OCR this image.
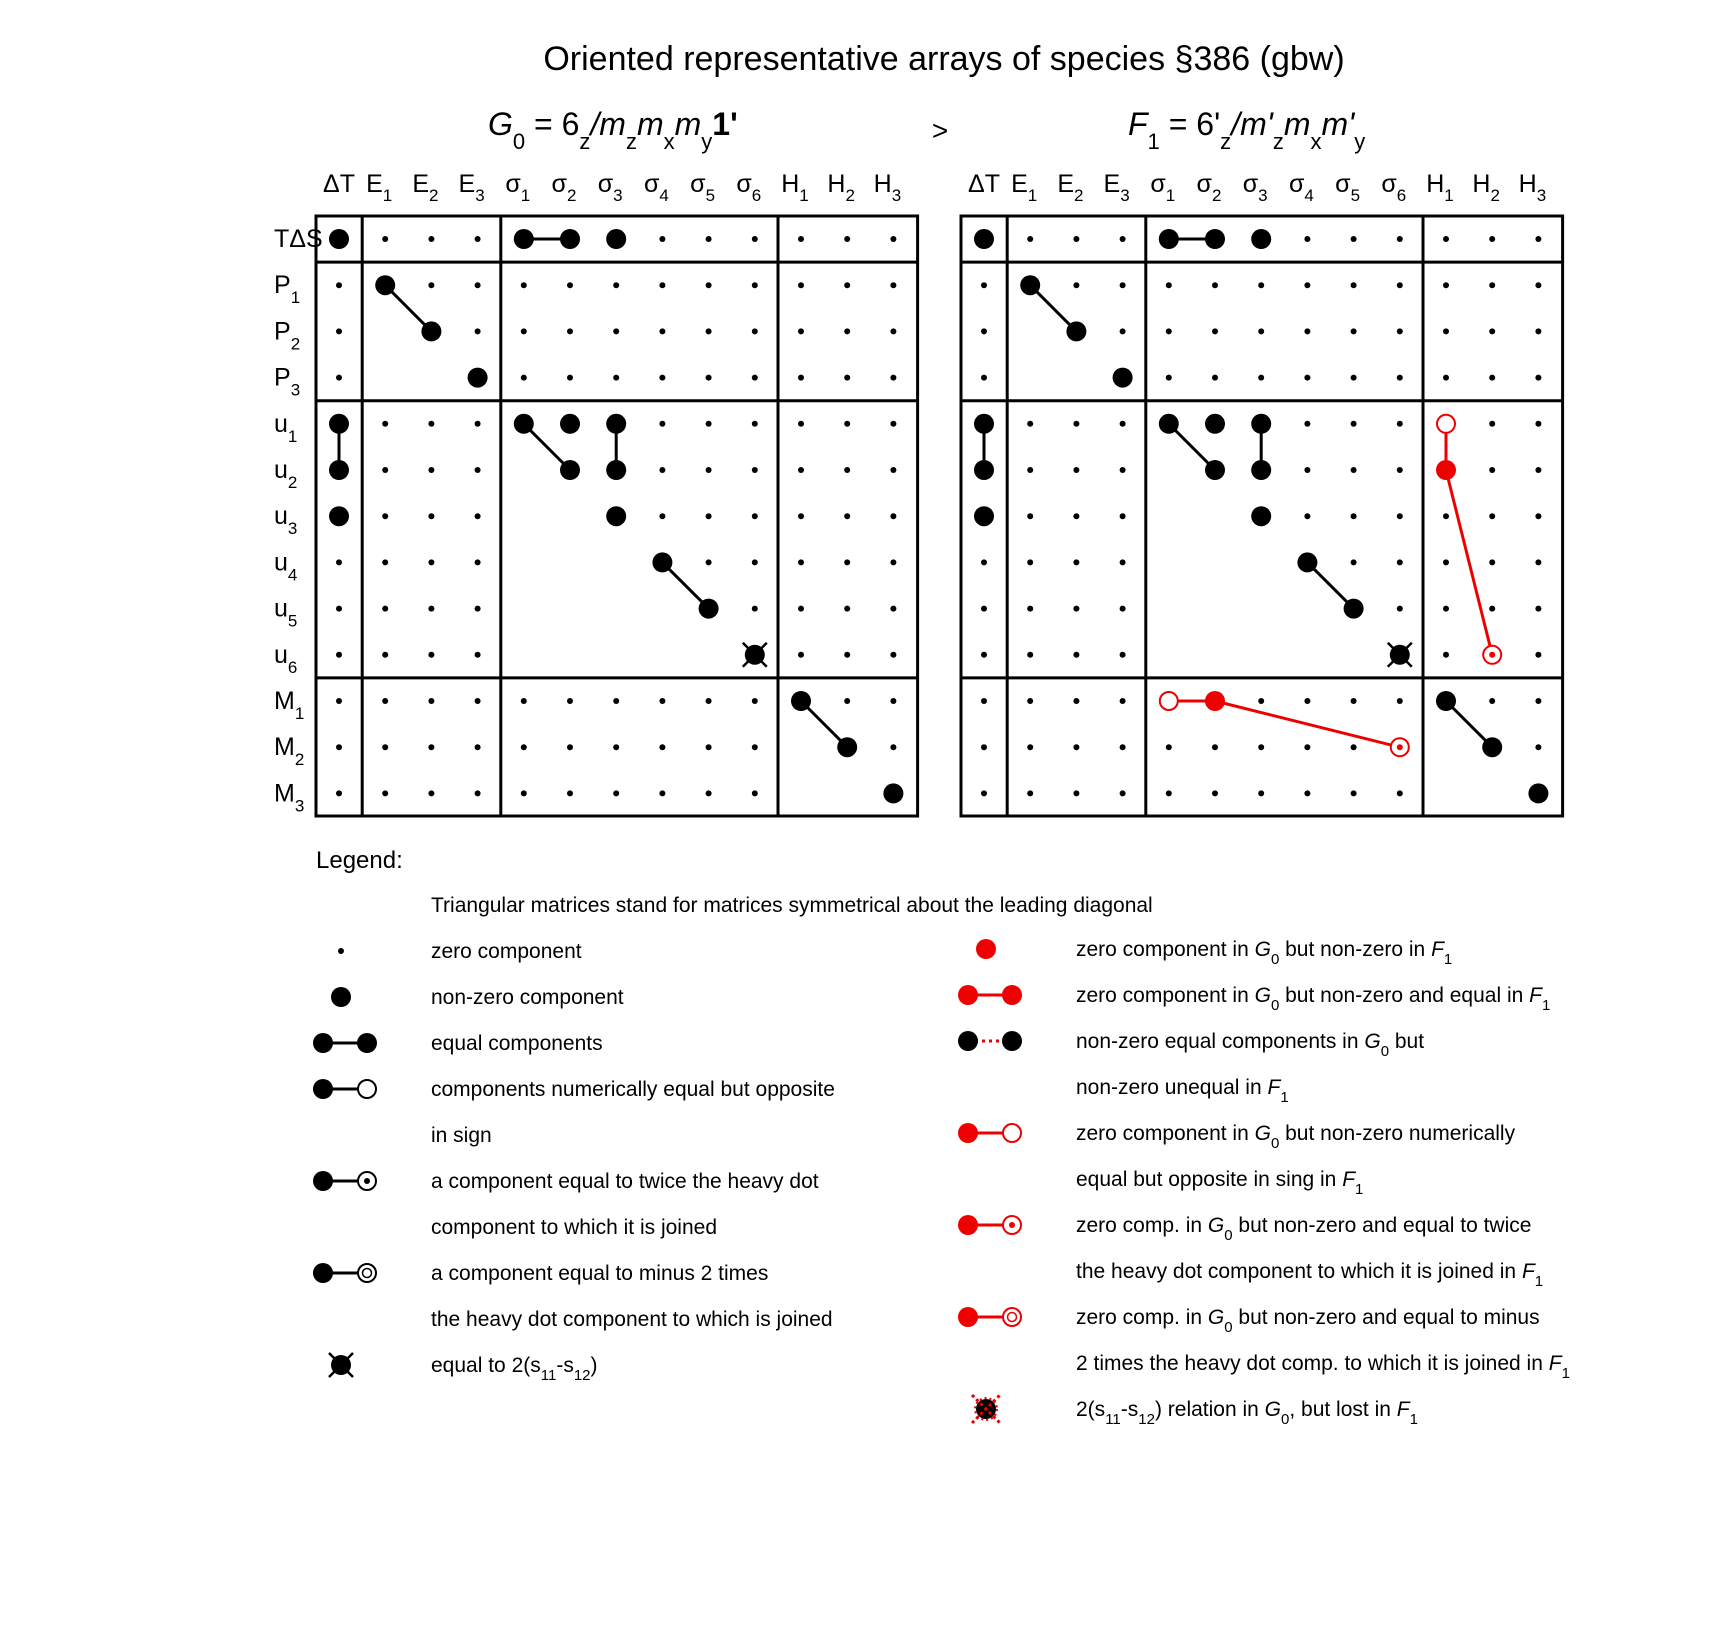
Oriented representative arrays of species §386 (gbw)
$G_0 = 6_z/m_zm_xm_y1'$	$F_1 = 6'_z/m'_zm_xm'_y$
>
ΔT $E_1$ $E_2$ $E_3$ $\sigma_1$ $\sigma_2$ $\sigma_3$ $\sigma_4$ $\sigma_5$ $\sigma_6$ $H_1$ $H_2$ $H_3$	ΔT $E_1$ $E_2$ $E_3$ $\sigma_1$ $\sigma_2$ $\sigma_3$ $\sigma_4$ $\sigma_5$ $\sigma_6$ $H_1$ $H_2$ $H_3$
TΔS
$P_1$
$P_2$
$P_3$
$u_1$
$u_2$
$u_3$
$u_4$
$u_5$
$u_6$
$M_1$
$M_2$
$M_3$
Legend:
Triangular matrices stand for matrices symmetrical about the leading diagonal
zero component
non-zero component
equal components
components numerically equal but opposite
in sign
a component equal to twice the heavy dot
component to which it is joined
a component equal to minus 2 times
the heavy dot component to which is joined
equal to $2(s_{11}-s_{12})$
zero component in $G_0$ but non-zero in $F_1$
zero component in $G_0$ but non-zero and equal in $F_1$
non-zero equal components in $G_0$ but
non-zero unequal in $F_1$
zero component in $G_0$ but non-zero numerically
equal but opposite in sing in $F_1$
zero comp. in $G_0$ but non-zero and equal to twice
the heavy dot component to which it is joined in $F_1$
zero comp. in $G_0$ but non-zero and equal to minus
2 times the heavy dot comp. to which it is joined in $F_1$
$2(s_{11}-s_{12})$ relation in $G_0$, but lost in $F_1$
